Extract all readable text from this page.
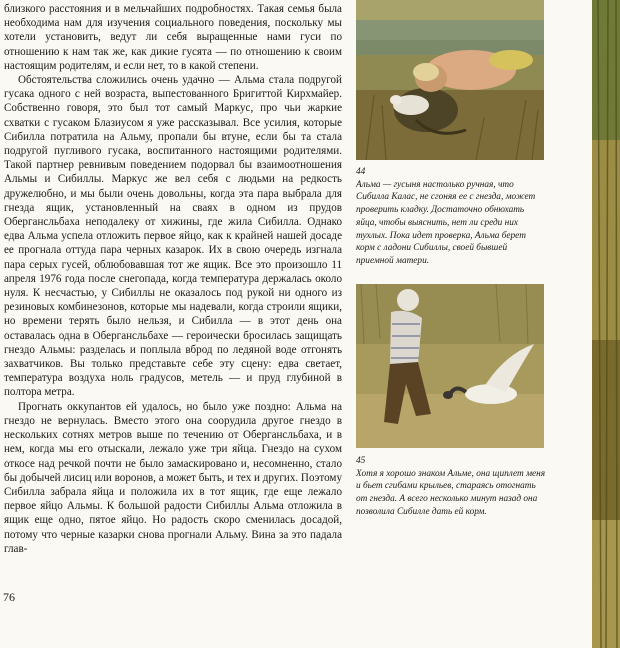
близкого расстояния и в мельчайших подробностях. Такая семья была необходима нам для изучения социального поведения, поскольку мы хотели установить, ведут ли себя выращенные нами гуси по отношению к нам так же, как дикие гусята — по отношению к своим настоящим родителям, и если нет, то в какой степени.

Обстоятельства сложились очень удачно — Альма стала подругой гусака одного с ней возраста, выпестованного Бригиттой Кирхмайер. Собственно говоря, это был тот самый Маркус, про чьи жаркие схватки с гусаком Блазиусом я уже рассказывал. Все усилия, которые Сибилла потратила на Альму, пропали бы втуне, если бы та стала подругой пугливого гусака, воспитанного настоящими родителями. Такой партнер ревнивым поведением подорвал бы взаимоотношения Альмы и Сибиллы. Маркус же вел себя с людьми на редкость дружелюбно, и мы были очень довольны, когда эта пара выбрала для гнезда ящик, установленный на сваях в одном из прудов Обергансльбаха неподалеку от хижины, где жила Сибилла. Однако едва Альма успела отложить первое яйцо, как к крайней нашей досаде ее прогнала оттуда пара черных казарок. Их в свою очередь изгнала пара серых гусей, облюбовавшая тот же ящик. Все это произошло 11 апреля 1976 года после снегопада, когда температура держалась около нуля. К несчастью, у Сибиллы не оказалось под рукой ни одного из резиновых комбинезонов, которые мы надевали, когда строили ящики, но времени терять было нельзя, и Сибилла — в этот день она оставалась одна в Обергансльбахе — героически бросилась защищать гнездо Альмы: разделась и поплыла вброд по ледяной воде отгонять захватчиков. Вы только представьте себе эту сцену: едва светает, температура воздуха ноль градусов, метель — и пруд глубиной в полтора метра.

Прогнать оккупантов ей удалось, но было уже поздно: Альма на гнездо не вернулась. Вместо этого она соорудила другое гнездо в нескольких сотнях метров выше по течению от Обергансльбаха, и в нем, когда мы его отыскали, лежало уже три яйца. Гнездо на сухом откосе над речкой почти не было замаскировано и, несомненно, стало бы добычей лисиц или воронов, а может быть, и тех и других. Поэтому Сибилла забрала яйца и положила их в тот ящик, где еще лежало первое яйцо Альмы. К большой радости Сибиллы Альма отложила в ящик еще одно, пятое яйцо. Но радость скоро сменилась досадой, потому что черные казарки снова прогнали Альму. Вина за это падала глав-

76
44
Альма — гусыня настолько ручная, что Сибилла Калас, не сгоняя ее с гнезда, может проверить кладку. Достаточно обнюхать яйца, чтобы выяснить, нет ли среди них тухлых. Пока идет проверка, Альма берет корм с ладони Сибиллы, своей бывшей приемной матери.
45
Хотя я хорошо знаком Альме, она щиплет меня и бьет сгибами крыльев, стараясь отогнать от гнезда. А всего несколько минут назад она позволила Сибилле дать ей корм.
